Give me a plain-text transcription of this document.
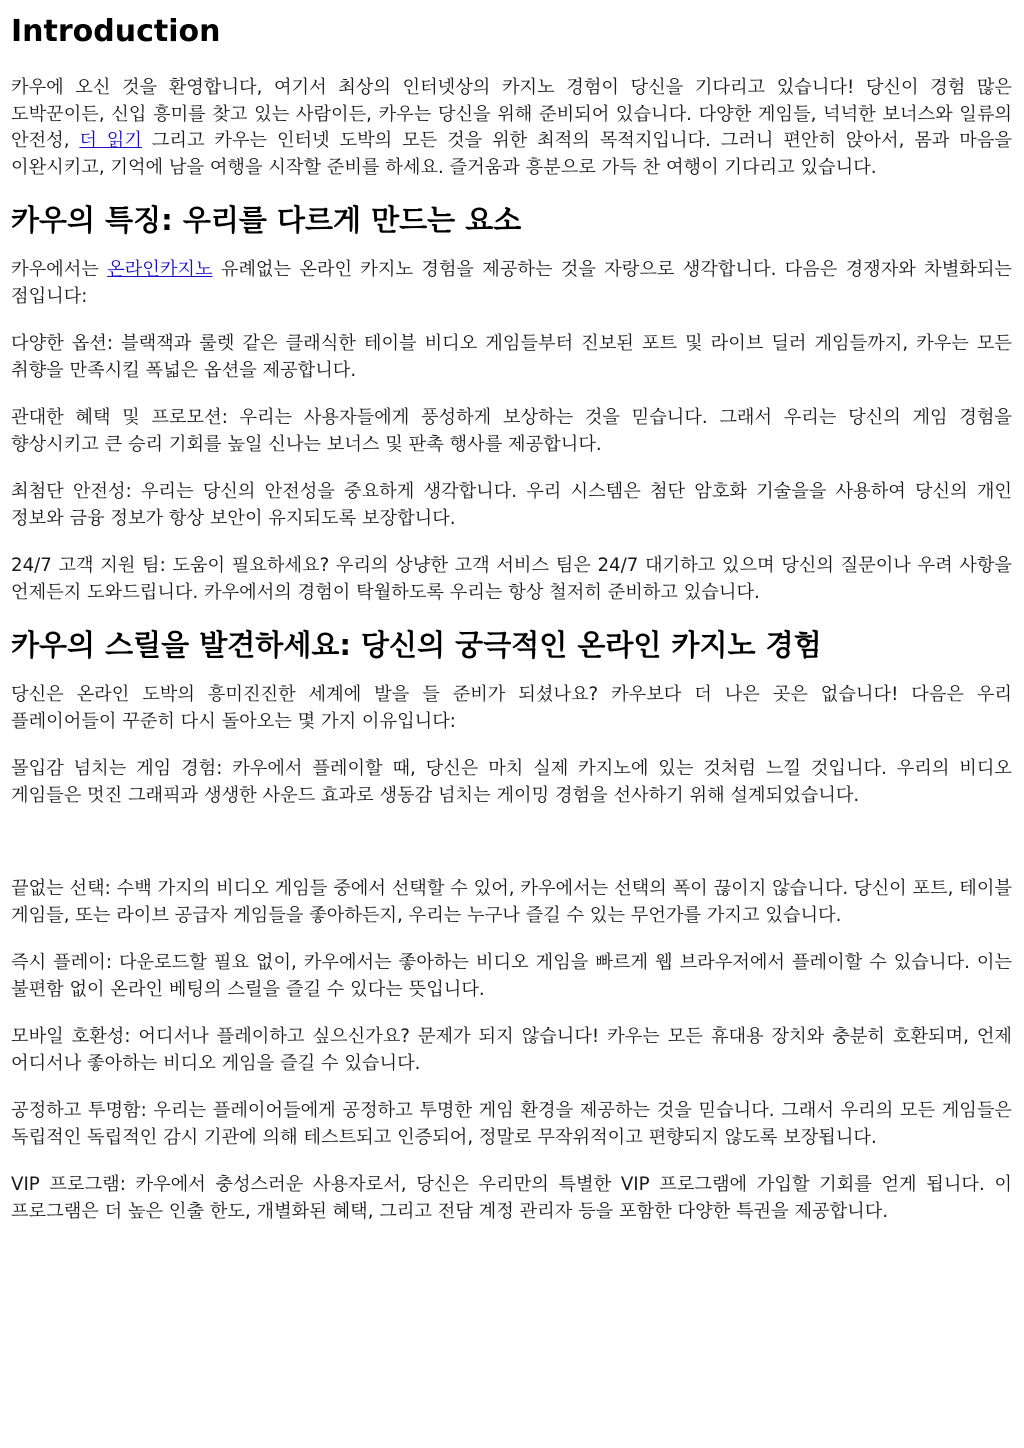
Introduction

카우에 오신 것을 환영합니다, 여기서 최상의 인터넷상의 카지노 경험이 당신을 기다리고 있습니다! 당신이 경험 많은 도박꾼이든, 신입 흥미를 찾고 있는 사람이든, 카우는 당신을 위해 준비되어 있습니다. 다양한 게임들, 넉넉한 보너스와 일류의 안전성, 더 읽기 그리고 카우는 인터넷 도박의 모든 것을 위한 최적의 목적지입니다. 그러니 편안히 앉아서, 몸과 마음을 이완시키고, 기억에 남을 여행을 시작할 준비를 하세요. 즐거움과 흥분으로 가득 찬 여행이 기다리고 있습니다.

카우의 특징: 우리를 다르게 만드는 요소

카우에서는 온라인카지노 유례없는 온라인 카지노 경험을 제공하는 것을 자랑으로 생각합니다. 다음은 경쟁자와 차별화되는 점입니다:

다양한 옵션: 블랙잭과 룰렛 같은 클래식한 테이블 비디오 게임들부터 진보된 포트 및 라이브 딜러 게임들까지, 카우는 모든 취향을 만족시킬 폭넓은 옵션을 제공합니다.

관대한 혜택 및 프로모션: 우리는 사용자들에게 풍성하게 보상하는 것을 믿습니다. 그래서 우리는 당신의 게임 경험을 향상시키고 큰 승리 기회를 높일 신나는 보너스 및 판촉 행사를 제공합니다.

최첨단 안전성: 우리는 당신의 안전성을 중요하게 생각합니다. 우리 시스템은 첨단 암호화 기술을을 사용하여 당신의 개인 정보와 금융 정보가 항상 보안이 유지되도록 보장합니다.

24/7 고객 지원 팀: 도움이 필요하세요? 우리의 상냥한 고객 서비스 팀은 24/7 대기하고 있으며 당신의 질문이나 우려 사항을 언제든지 도와드립니다. 카우에서의 경험이 탁월하도록 우리는 항상 철저히 준비하고 있습니다.

카우의 스릴을 발견하세요: 당신의 궁극적인 온라인 카지노 경험

당신은 온라인 도박의 흥미진진한 세계에 발을 들 준비가 되셨나요? 카우보다 더 나은 곳은 없습니다! 다음은 우리 플레이어들이 꾸준히 다시 돌아오는 몇 가지 이유입니다:

몰입감 넘치는 게임 경험: 카우에서 플레이할 때, 당신은 마치 실제 카지노에 있는 것처럼 느낄 것입니다. 우리의 비디오 게임들은 멋진 그래픽과 생생한 사운드 효과로 생동감 넘치는 게이밍 경험을 선사하기 위해 설계되었습니다.

끝없는 선택: 수백 가지의 비디오 게임들 중에서 선택할 수 있어, 카우에서는 선택의 폭이 끊이지 않습니다. 당신이 포트, 테이블 게임들, 또는 라이브 공급자 게임들을 좋아하든지, 우리는 누구나 즐길 수 있는 무언가를 가지고 있습니다.

즉시 플레이: 다운로드할 필요 없이, 카우에서는 좋아하는 비디오 게임을 빠르게 웹 브라우저에서 플레이할 수 있습니다. 이는 불편함 없이 온라인 베팅의 스릴을 즐길 수 있다는 뜻입니다.

모바일 호환성: 어디서나 플레이하고 싶으신가요? 문제가 되지 않습니다! 카우는 모든 휴대용 장치와 충분히 호환되며, 언제 어디서나 좋아하는 비디오 게임을 즐길 수 있습니다.

공정하고 투명함: 우리는 플레이어들에게 공정하고 투명한 게임 환경을 제공하는 것을 믿습니다. 그래서 우리의 모든 게임들은 독립적인 독립적인 감시 기관에 의해 테스트되고 인증되어, 정말로 무작위적이고 편향되지 않도록 보장됩니다.

VIP 프로그램: 카우에서 충성스러운 사용자로서, 당신은 우리만의 특별한 VIP 프로그램에 가입할 기회를 얻게 됩니다. 이 프로그램은 더 높은 인출 한도, 개별화된 혜택, 그리고 전담 계정 관리자 등을 포함한 다양한 특권을 제공합니다.
